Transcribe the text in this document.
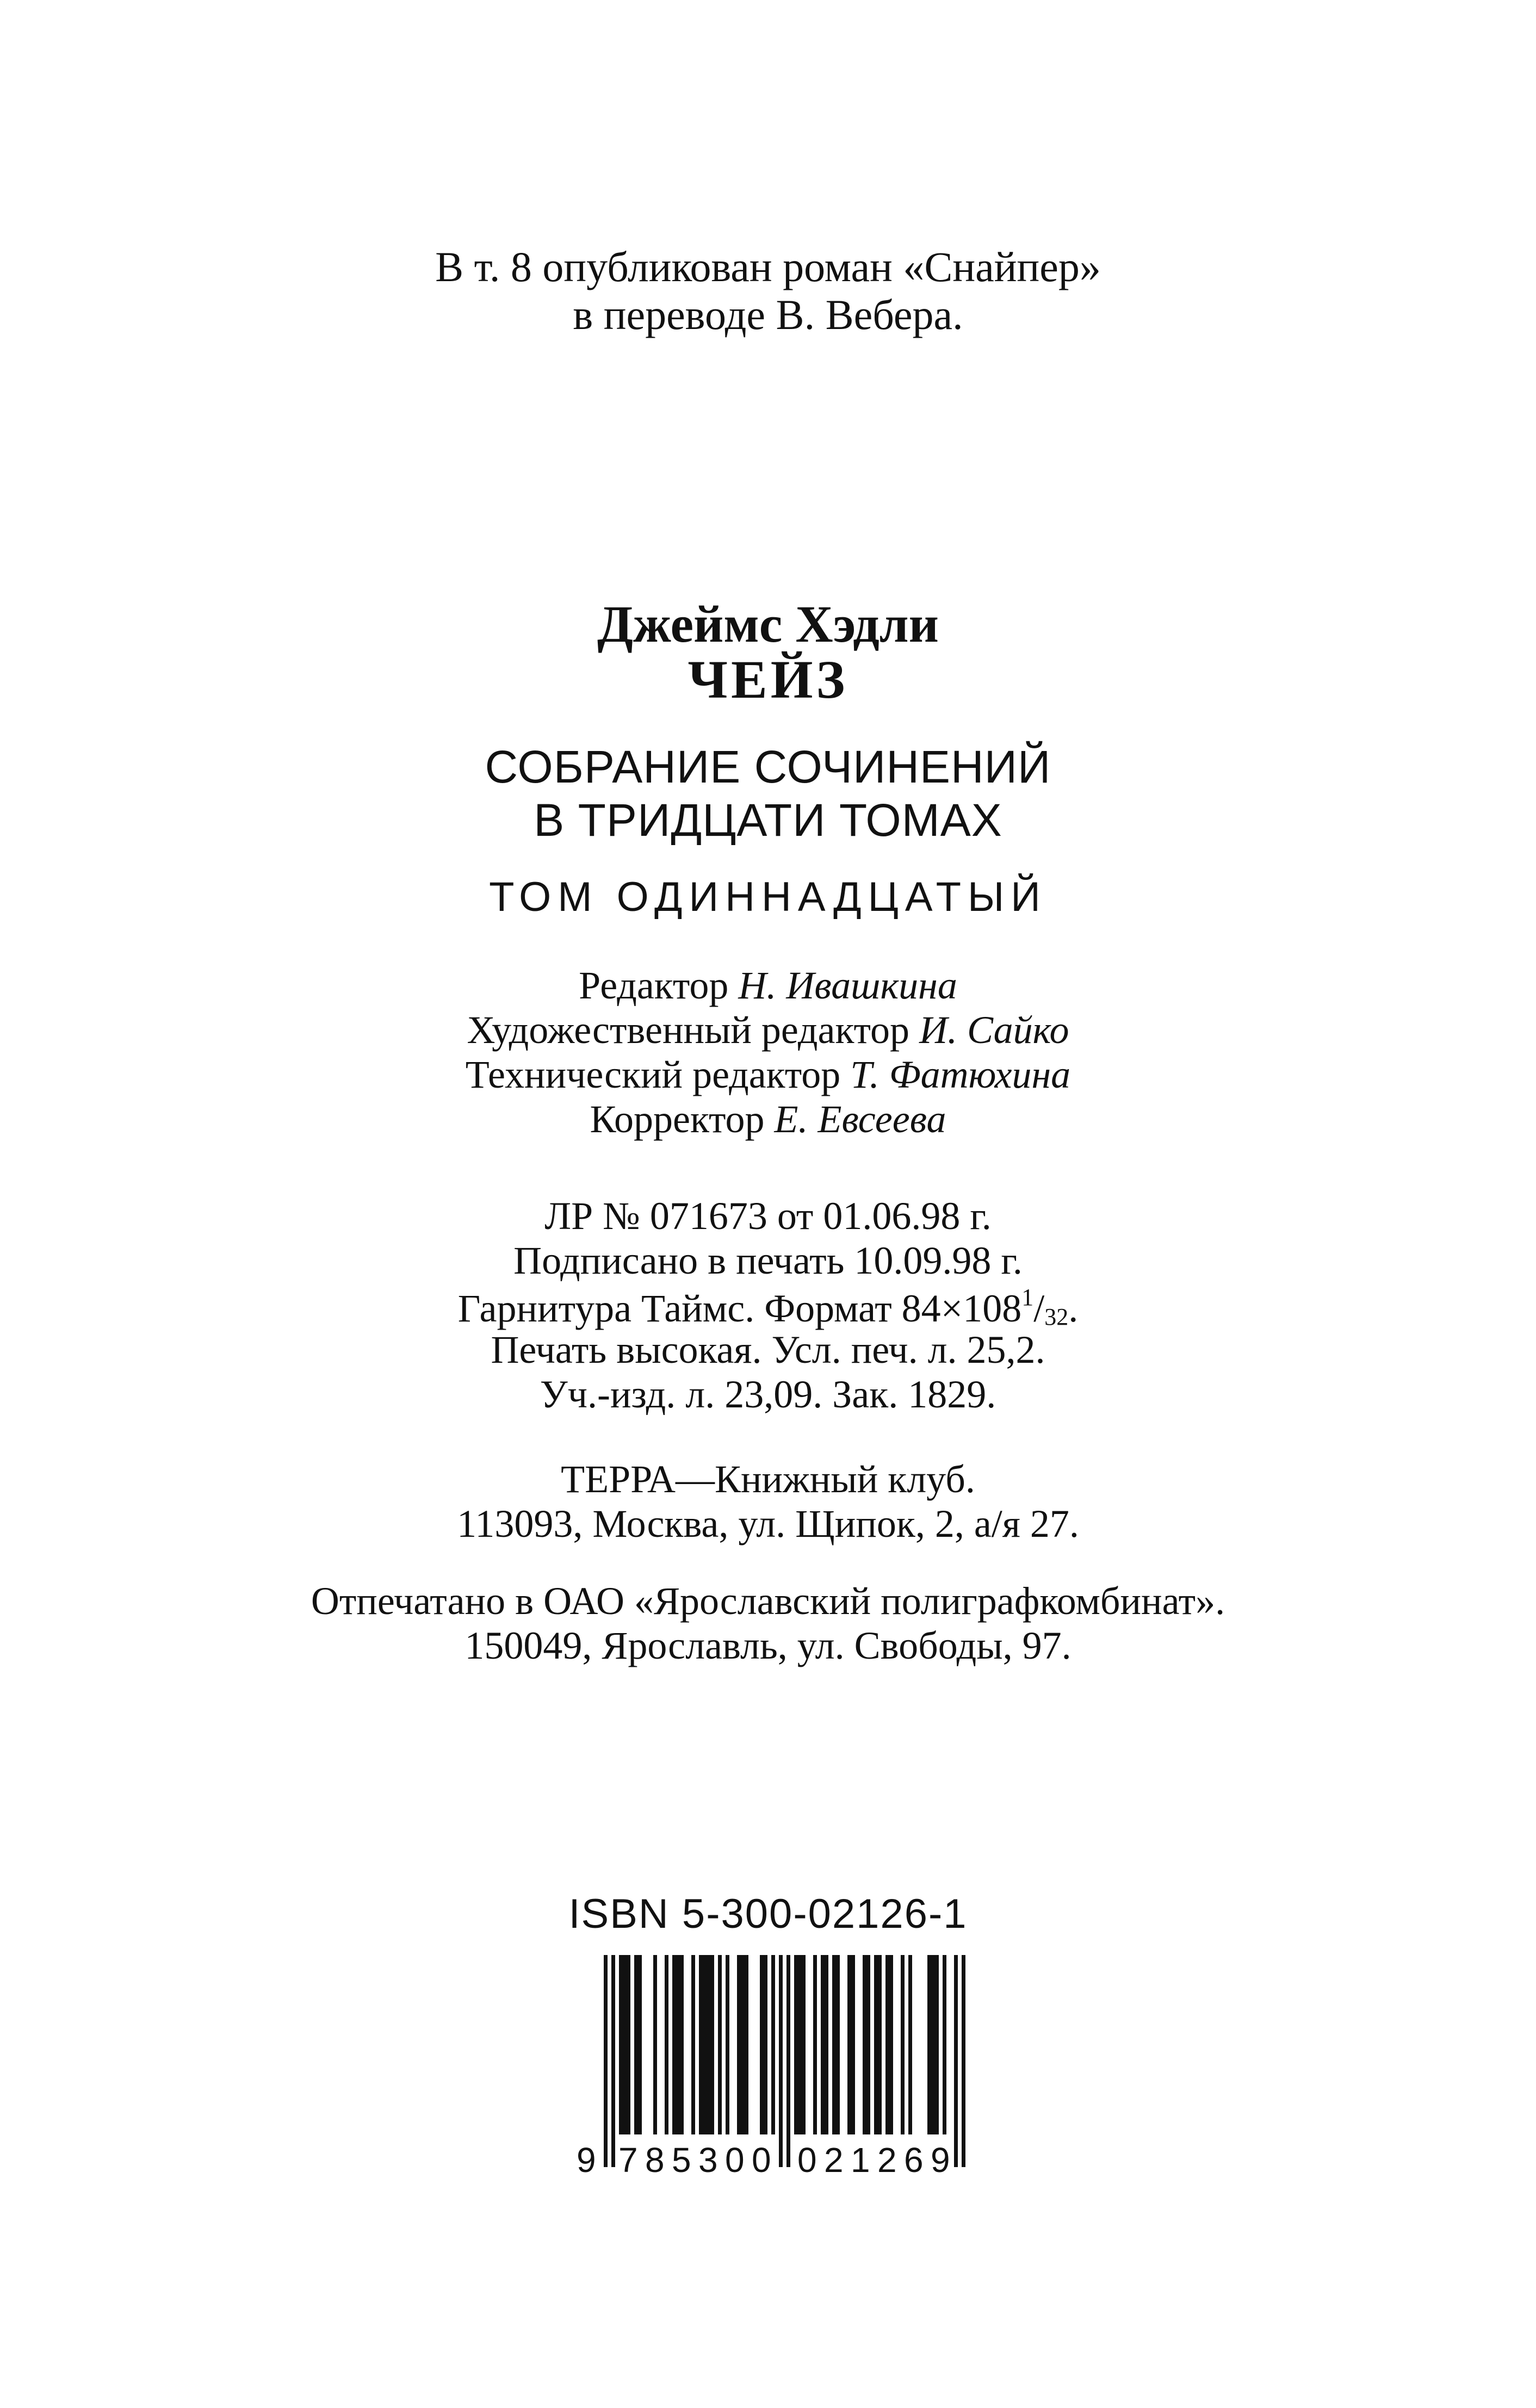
В т. 8 опубликован роман «Снайпер»
в переводе В. Вебера.
Джеймс Хэдли
ЧЕЙЗ
СОБРАНИЕ СОЧИНЕНИЙ
В ТРИДЦАТИ ТОМАХ
ТОМ ОДИННАДЦАТЫЙ
Редактор Н. Ивашкина
Художественный редактор И. Сайко
Технический редактор Т. Фатюхина
Корректор Е. Евсеева
ЛР № 071673 от 01.06.98 г.
Подписано в печать 10.09.98 г.
Гарнитура Таймс. Формат $84\times 108^1/_{32}$.
Печать высокая. Усл. печ. л. 25,2.
Уч.-изд. л. 23,09. Зак. 1829.
ТЕРРА—Книжный клуб.
113093, Москва, ул. Щипок, 2, а/я 27.
Отпечатано в ОАО «Ярославский полиграфкомбинат».
150049, Ярославль, ул. Свободы, 97.
ISBN 5-300-02126-1
9 7 8 5 3 0 0 0 2 1 2 6 9
